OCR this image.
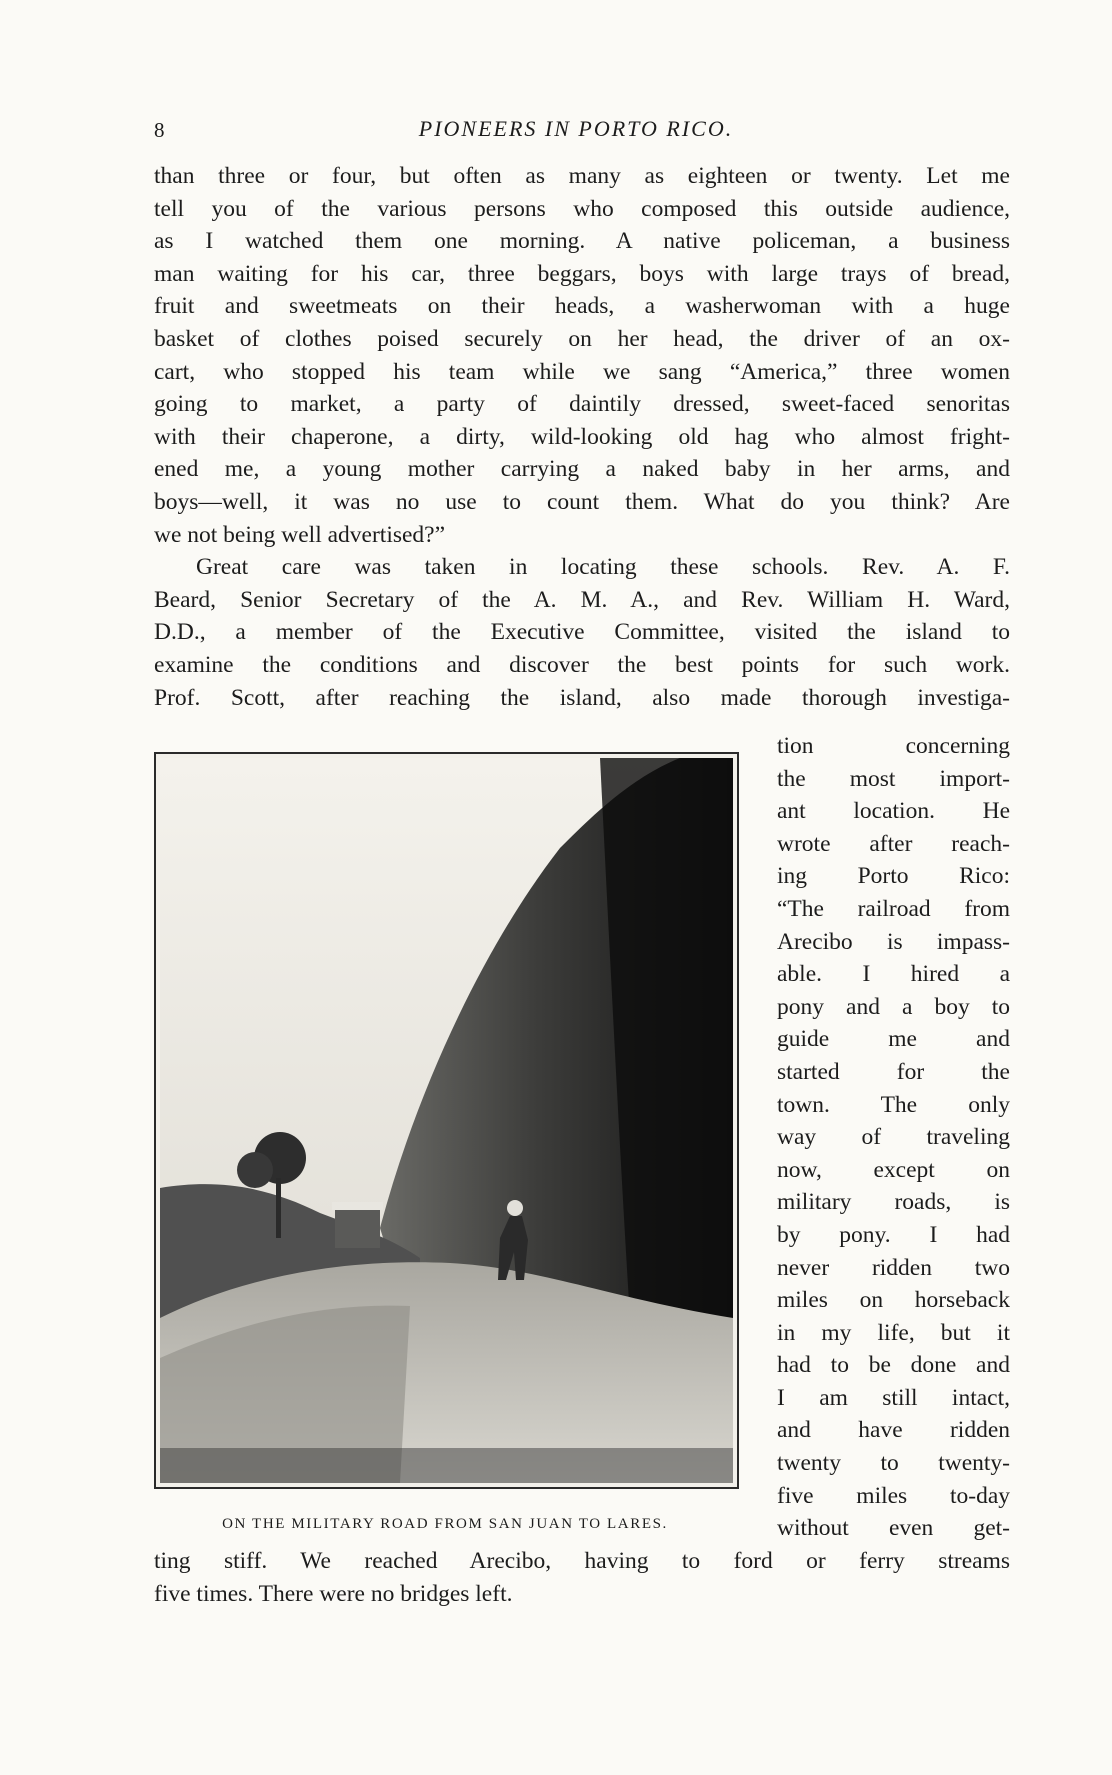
8	PIONEERS IN PORTO RICO.
than three or four, but often as many as eighteen or twenty. Let me
tell you of the various persons who composed this outside audience,
as I watched them one morning. A native policeman, a business
man waiting for his car, three beggars, boys with large trays of bread,
fruit and sweetmeats on their heads, a washerwoman with a huge
basket of clothes poised securely on her head, the driver of an ox-
cart, who stopped his team while we sang “America,” three women
going to market, a party of daintily dressed, sweet-faced senoritas
with their chaperone, a dirty, wild-looking old hag who almost fright-
ened me, a young mother carrying a naked baby in her arms, and
boys—well, it was no use to count them. What do you think? Are
we not being well advertised?”
Great care was taken in locating these schools. Rev. A. F.
Beard, Senior Secretary of the A. M. A., and Rev. William H. Ward,
D.D., a member of the Executive Committee, visited the island to
examine the conditions and discover the best points for such work.
Prof. Scott, after reaching the island, also made thorough investiga-
tion concerning
the most import-
ant location. He
wrote after reach-
ing Porto Rico:
“The railroad from
Arecibo is impass-
able. I hired a
pony and a boy to
guide me and
started for the
town. The only
way of traveling
now, except on
military roads, is
by pony. I had
never ridden two
miles on horseback
in my life, but it
had to be done and
I am still intact,
and have ridden
twenty to twenty-
five miles to-day
without even get-
ON THE MILITARY ROAD FROM SAN JUAN TO LARES.
ting stiff. We reached Arecibo, having to ford or ferry streams
five times. There were no bridges left.
